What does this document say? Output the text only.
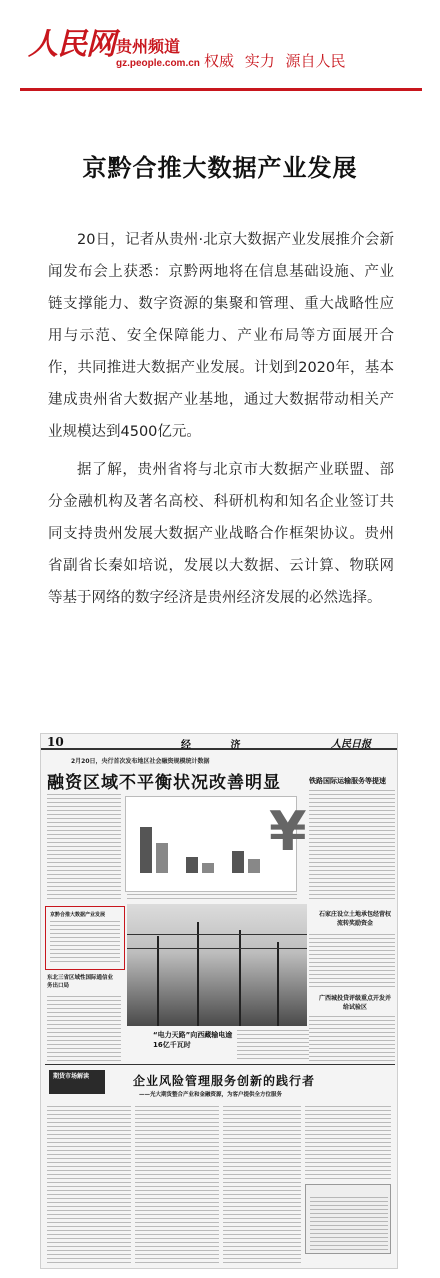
人民网 贵州频道
gz.people.com.cn 权威 实力 源自人民
京黔合推大数据产业发展

20日，记者从贵州·北京大数据产业发展推介会新闻发布会上获悉：京黔两地将在信息基础设施、产业链支撑能力、数字资源的集聚和管理、重大战略性应用与示范、安全保障能力、产业布局等方面展开合作，共同推进大数据产业发展。计划到2020年，基本建成贵州省大数据产业基地，通过大数据带动相关产业规模达到4500亿元。

据了解，贵州省将与北京市大数据产业联盟、部分金融机构及著名高校、科研机构和知名企业签订共同支持贵州发展大数据产业战略合作框架协议。贵州省副省长秦如培说，发展以大数据、云计算、物联网等基于网络的数字经济是贵州经济发展的必然选择。

10	经 济	人民日报
2月20日，央行首次发布地区社会融资规模统计数据
融资区域不平衡状况改善明显
¥
铁路国际运输服务等提速
京黔合推大数据产业发展
东北三省区域性国际通信业务出口局
“电力天路”向西藏输电逾16亿千瓦时
石家庄设立土地承包经营权流转奖励资金
广西城投贷评级重点开发并给试验区
期货市场解读	企业风险管理服务创新的践行者
——光大期货整合产业和金融资源，为客户提供全方位服务
